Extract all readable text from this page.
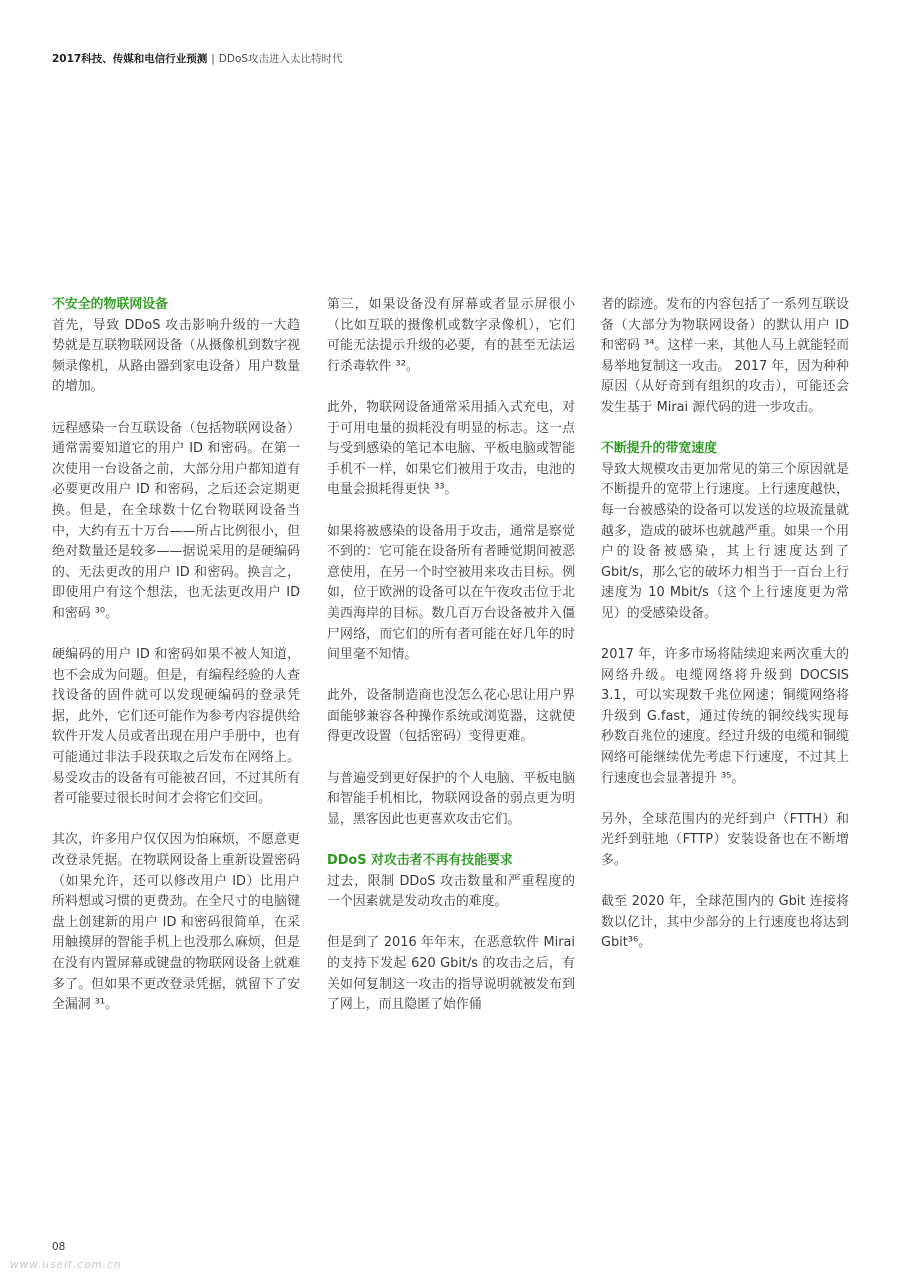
2017科技、传媒和电信行业预测 | DDoS攻击进入太比特时代
不安全的物联网设备

首先，导致 DDoS 攻击影响升级的一大趋势就是互联物联网设备（从摄像机到数字视频录像机，从路由器到家电设备）用户数量的增加。

远程感染一台互联设备（包括物联网设备）通常需要知道它的用户 ID 和密码。在第一次使用一台设备之前，大部分用户都知道有必要更改用户 ID 和密码，之后还会定期更换。但是，在全球数十亿台物联网设备当中，大约有五十万台——所占比例很小，但绝对数量还是较多——据说采用的是硬编码的、无法更改的用户 ID 和密码。换言之，即使用户有这个想法，也无法更改用户 ID 和密码 ³⁰。

硬编码的用户 ID 和密码如果不被人知道，也不会成为问题。但是，有编程经验的人查找设备的固件就可以发现硬编码的登录凭据，此外，它们还可能作为参考内容提供给软件开发人员或者出现在用户手册中，也有可能通过非法手段获取之后发布在网络上。易受攻击的设备有可能被召回，不过其所有者可能要过很长时间才会将它们交回。

其次，许多用户仅仅因为怕麻烦，不愿意更改登录凭据。在物联网设备上重新设置密码（如果允许，还可以修改用户 ID）比用户所料想或习惯的更费劲。在全尺寸的电脑键盘上创建新的用户 ID 和密码很简单，在采用触摸屏的智能手机上也没那么麻烦，但是在没有内置屏幕或键盘的物联网设备上就难多了。但如果不更改登录凭据，就留下了安全漏洞 ³¹。

第三，如果设备没有屏幕或者显示屏很小（比如互联的摄像机或数字录像机），它们可能无法提示升级的必要，有的甚至无法运行杀毒软件 ³²。

此外，物联网设备通常采用插入式充电，对于可用电量的损耗没有明显的标志。这一点与受到感染的笔记本电脑、平板电脑或智能手机不一样，如果它们被用于攻击，电池的电量会损耗得更快 ³³。

如果将被感染的设备用于攻击，通常是察觉不到的：它可能在设备所有者睡觉期间被恶意使用，在另一个时空被用来攻击目标。例如，位于欧洲的设备可以在午夜攻击位于北美西海岸的目标。数几百万台设备被并入僵尸网络，而它们的所有者可能在好几年的时间里毫不知情。

此外，设备制造商也没怎么花心思让用户界面能够兼容各种操作系统或浏览器，这就使得更改设置（包括密码）变得更难。

与普遍受到更好保护的个人电脑、平板电脑和智能手机相比，物联网设备的弱点更为明显，黑客因此也更喜欢攻击它们。

DDoS 对攻击者不再有技能要求

过去，限制 DDoS 攻击数量和严重程度的一个因素就是发动攻击的难度。

但是到了 2016 年年末，在恶意软件 Mirai 的支持下发起 620 Gbit/s 的攻击之后，有关如何复制这一攻击的指导说明就被发布到了网上，而且隐匿了始作俑

者的踪迹。发布的内容包括了一系列互联设备（大部分为物联网设备）的默认用户 ID 和密码 ³⁴。这样一来，其他人马上就能轻而易举地复制这一攻击。 2017 年，因为种种原因（从好奇到有组织的攻击），可能还会发生基于 Mirai 源代码的进一步攻击。

不断提升的带宽速度

导致大规模攻击更加常见的第三个原因就是不断提升的宽带上行速度。上行速度越快，每一台被感染的设备可以发送的垃圾流量就越多，造成的破坏也就越严重。如果一个用户的设备被感染，其上行速度达到了 Gbit/s，那么它的破坏力相当于一百台上行速度为 10 Mbit/s（这个上行速度更为常见）的受感染设备。

2017 年，许多市场将陆续迎来两次重大的网络升级。电缆网络将升级到 DOCSIS 3.1，可以实现数千兆位网速；铜缆网络将升级到 G.fast，通过传统的铜绞线实现每秒数百兆位的速度。经过升级的电缆和铜缆网络可能继续优先考虑下行速度，不过其上行速度也会显著提升 ³⁵。

另外，全球范围内的光纤到户（FTTH）和光纤到驻地（FTTP）安装设备也在不断增多。

截至 2020 年，全球范围内的 Gbit 连接将数以亿计，其中少部分的上行速度也将达到 Gbit³⁶。

08
www.useit.com.cn
